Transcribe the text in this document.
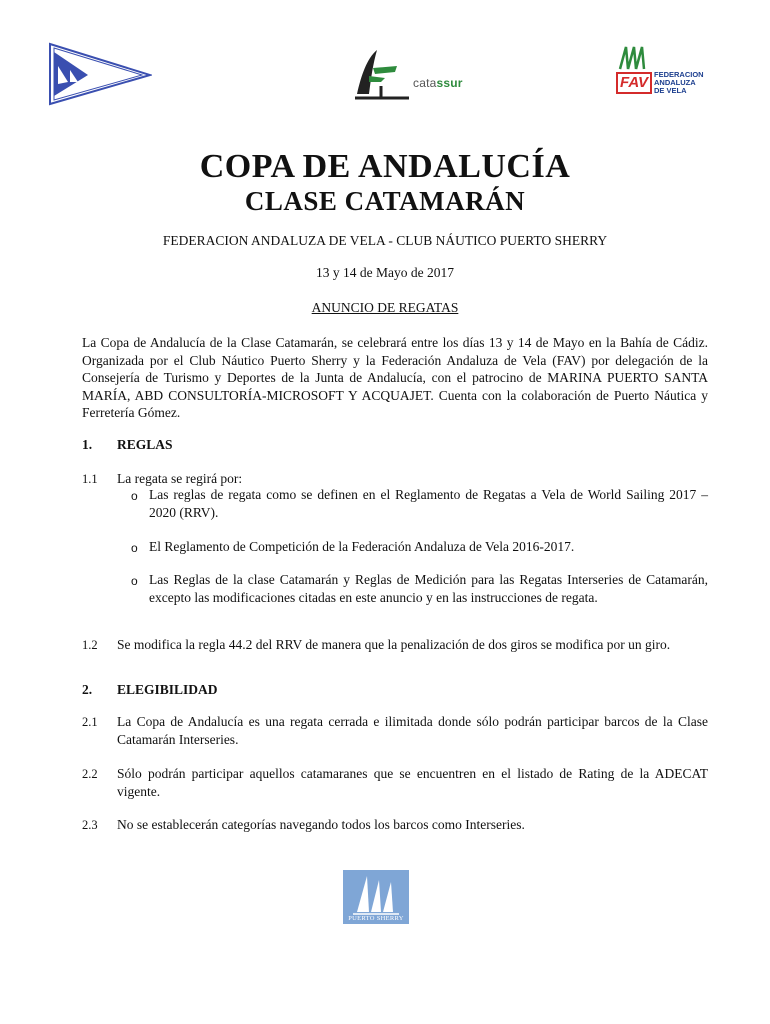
catassur	FAV FEDERACION
ANDALUZA
DE VELA
COPA DE ANDALUCÍA
CLASE CATAMARÁN
FEDERACION ANDALUZA DE VELA - CLUB NÁUTICO PUERTO SHERRY
13 y 14 de Mayo de 2017
ANUNCIO DE REGATAS
La Copa de Andalucía de la Clase Catamarán, se celebrará entre los días 13 y 14 de Mayo en la Bahía de Cádiz. Organizada por el Club Náutico Puerto Sherry y la Federación Andaluza de Vela (FAV) por delegación de la Consejería de Turismo y Deportes de la Junta de Andalucía, con el patrocino de MARINA PUERTO SANTA MARÍA, ABD CONSULTORÍA-MICROSOFT Y ACQUAJET. Cuenta con la colaboración de Puerto Náutica y Ferretería Gómez.
1. REGLAS
1.1 La regata se regirá por:
o Las reglas de regata como se definen en el Reglamento de Regatas a Vela de World Sailing 2017 – 2020 (RRV).
o El Reglamento de Competición de la Federación Andaluza de Vela 2016-2017.
o Las Reglas de la clase Catamarán y Reglas de Medición para las Regatas Interseries de Catamarán, excepto las modificaciones citadas en este anuncio y en las instrucciones de regata.
1.2 Se modifica la regla 44.2 del RRV de manera que la penalización de dos giros se modifica por un giro.
2. ELEGIBILIDAD
2.1 La Copa de Andalucía es una regata cerrada e ilimitada donde sólo podrán participar barcos de la Clase Catamarán Interseries.
2.2 Sólo podrán participar aquellos catamaranes que se encuentren en el listado de Rating de la ADECAT vigente.
2.3 No se establecerán categorías navegando todos los barcos como Interseries.
PUERTO SHERRY
